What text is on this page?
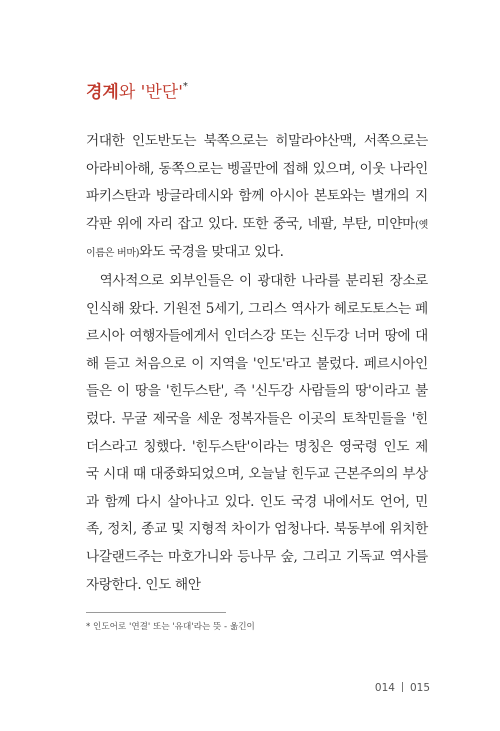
경계와 '반단'*

거대한 인도반도는 북쪽으로는 히말라야산맥, 서쪽으로는 아라비아해, 동쪽으로는 벵골만에 접해 있으며, 이웃 나라인 파키스탄과 방글라데시와 함께 아시아 본토와는 별개의 지각판 위에 자리 잡고 있다. 또한 중국, 네팔, 부탄, 미얀마(옛 이름은 버마)와도 국경을 맞대고 있다.

역사적으로 외부인들은 이 광대한 나라를 분리된 장소로 인식해 왔다. 기원전 5세기, 그리스 역사가 헤로도토스는 페르시아 여행자들에게서 인더스강 또는 신두강 너머 땅에 대해 듣고 처음으로 이 지역을 '인도'라고 불렀다. 페르시아인들은 이 땅을 '힌두스탄', 즉 '신두강 사람들의 땅'이라고 불렀다. 무굴 제국을 세운 정복자들은 이곳의 토착민들을 '힌더스라고 칭했다. '힌두스탄'이라는 명칭은 영국령 인도 제국 시대 때 대중화되었으며, 오늘날 힌두교 근본주의의 부상과 함께 다시 살아나고 있다. 인도 국경 내에서도 언어, 민족, 정치, 종교 및 지형적 차이가 엄청나다. 북동부에 위치한 나갈랜드주는 마호가니와 등나무 숲, 그리고 기독교 역사를 자랑한다. 인도 해안

* 인도어로 '연결' 또는 '유대'라는 뜻 - 옮긴이
014 015
